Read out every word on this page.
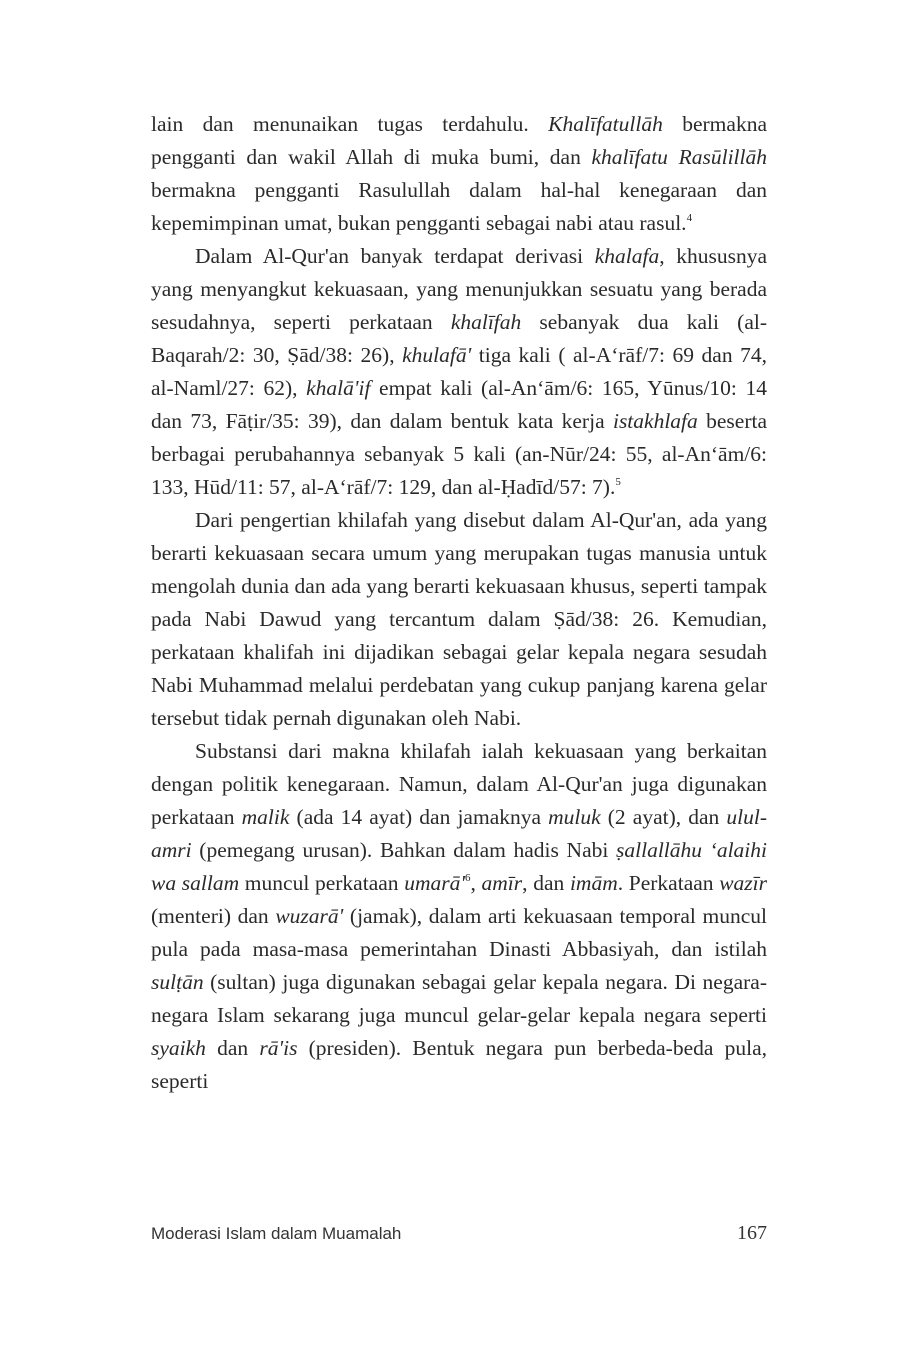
lain dan menunaikan tugas terdahulu. Khalīfatullāh bermakna pengganti dan wakil Allah di muka bumi, dan khalīfatu Rasūlillāh bermakna pengganti Rasulullah dalam hal-hal kenegaraan dan kepemimpinan umat, bukan pengganti sebagai nabi atau rasul.$^4$

Dalam Al-Qur'an banyak terdapat derivasi khalafa, khususnya yang menyangkut kekuasaan, yang menunjukkan sesuatu yang berada sesudahnya, seperti perkataan khalīfah sebanyak dua kali (al-Baqarah/2: 30, Ṣād/38: 26), khulafā' tiga kali ( al-A‘rāf/7: 69 dan 74, al-Naml/27: 62), khalā'if empat kali (al-An‘ām/6: 165, Yūnus/10: 14 dan 73, Fāṭir/35: 39), dan dalam bentuk kata kerja istakhlafa beserta berbagai perubahannya sebanyak 5 kali (an-Nūr/24: 55, al-An‘ām/6: 133, Hūd/11: 57, al-A‘rāf/7: 129, dan al-Ḥadīd/57: 7).$^5$

Dari pengertian khilafah yang disebut dalam Al-Qur'an, ada yang berarti kekuasaan secara umum yang merupakan tugas manusia untuk mengolah dunia dan ada yang berarti kekuasaan khusus, seperti tampak pada Nabi Dawud yang tercantum dalam Ṣād/38: 26. Kemudian, perkataan khalifah ini dijadikan sebagai gelar kepala negara sesudah Nabi Muhammad melalui perdebatan yang cukup panjang karena gelar tersebut tidak pernah digunakan oleh Nabi.

Substansi dari makna khilafah ialah kekuasaan yang berkaitan dengan politik kenegaraan. Namun, dalam Al-Qur'an juga digunakan perkataan malik (ada 14 ayat) dan jamaknya muluk (2 ayat), dan ulul-amri (pemegang urusan). Bahkan dalam hadis Nabi ṣallallāhu ‘alaihi wa sallam muncul perkataan $umarā'^6$, amīr, dan imām. Perkataan wazīr (menteri) dan wuzarā' (jamak), dalam arti kekuasaan temporal muncul pula pada masa-masa pemerintahan Dinasti Abbasiyah, dan istilah sulṭān (sultan) juga digunakan sebagai gelar kepala negara. Di negara-negara Islam sekarang juga muncul gelar-gelar kepala negara seperti syaikh dan rā'is (presiden). Bentuk negara pun berbeda-beda pula, seperti

Moderasi Islam dalam Muamalah	167
